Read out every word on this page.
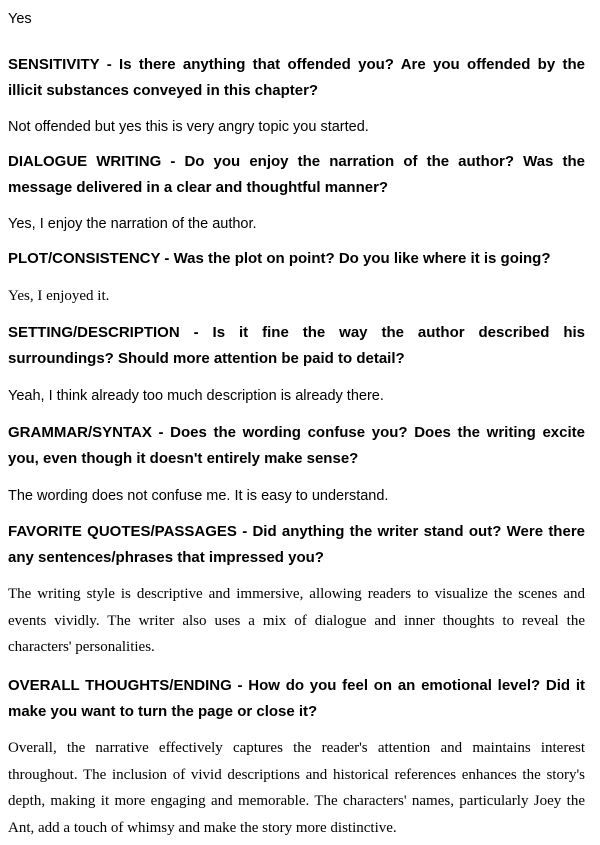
Yes

SENSITIVITY - Is there anything that offended you? Are you offended by the illicit substances conveyed in this chapter?

Not offended but yes this is very angry topic you started.

DIALOGUE WRITING - Do you enjoy the narration of the author? Was the message delivered in a clear and thoughtful manner?

Yes, I enjoy the narration of the author.

PLOT/CONSISTENCY - Was the plot on point? Do you like where it is going?

Yes, I enjoyed it.

SETTING/DESCRIPTION - Is it fine the way the author described his surroundings? Should more attention be paid to detail?

Yeah, I think already too much description is already there.

GRAMMAR/SYNTAX - Does the wording confuse you? Does the writing excite you, even though it doesn't entirely make sense?

The wording does not confuse me. It is easy to understand.

FAVORITE QUOTES/PASSAGES - Did anything the writer stand out? Were there any sentences/phrases that impressed you?

The writing style is descriptive and immersive, allowing readers to visualize the scenes and events vividly. The writer also uses a mix of dialogue and inner thoughts to reveal the characters' personalities.

OVERALL THOUGHTS/ENDING - How do you feel on an emotional level? Did it make you want to turn the page or close it?

Overall, the narrative effectively captures the reader's attention and maintains interest throughout. The inclusion of vivid descriptions and historical references enhances the story's depth, making it more engaging and memorable. The characters' names, particularly Joey the Ant, add a touch of whimsy and make the story more distinctive.
